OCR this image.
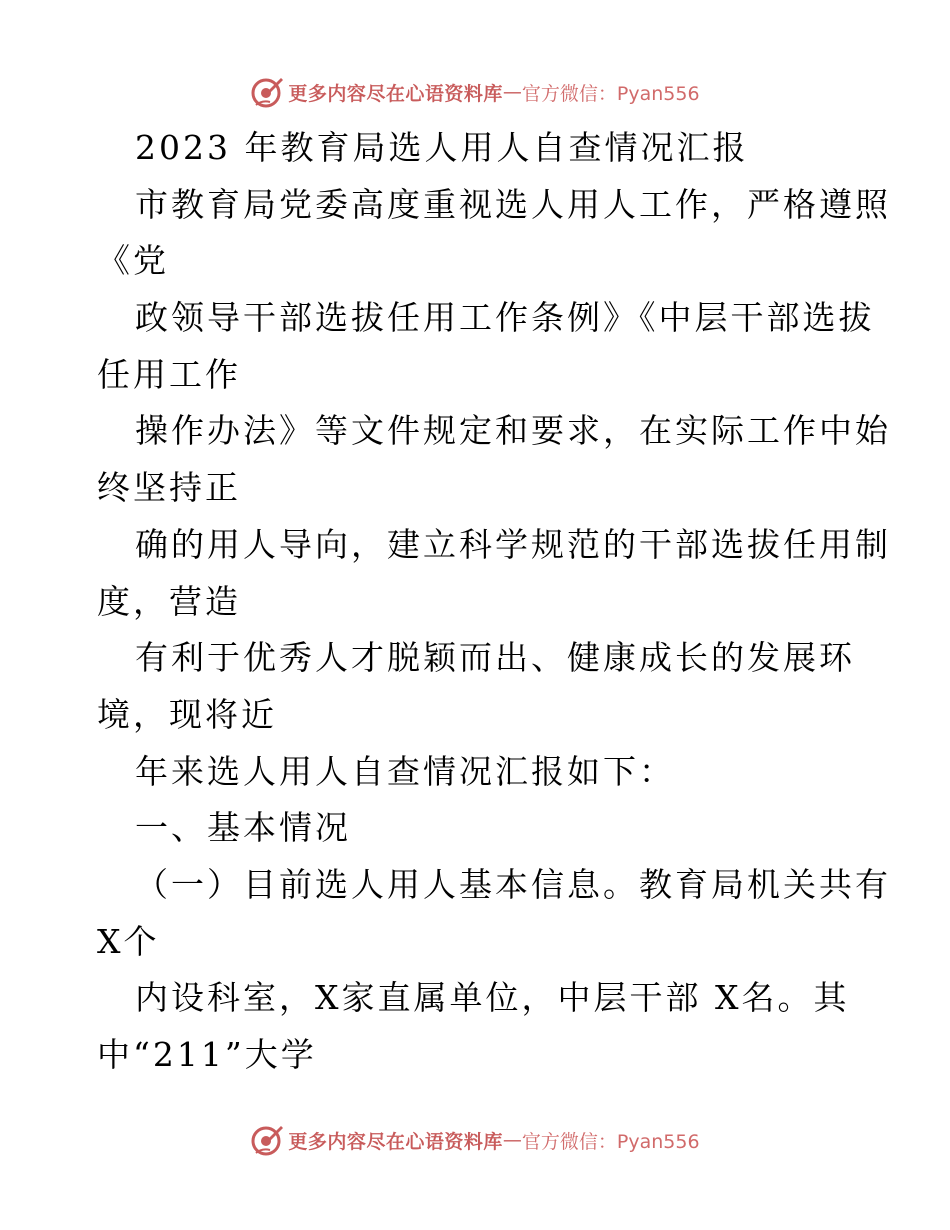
更多内容尽在心语资料库 — 官方微信：Pyan556
2023 年教育局选人用人自查情况汇报
市教育局党委高度重视选人用人工作，严格遵照
《党
政领导干部选拔任用工作条例》《中层干部选拔
任用工作
操作办法》等文件规定和要求，在实际工作中始
终坚持正
确的用人导向，建立科学规范的干部选拔任用制
度，营造
有利于优秀人才脱颖而出、健康成长的发展环
境，现将近
年来选人用人自查情况汇报如下：
一、基本情况
（一）目前选人用人基本信息。教育局机关共有
X个
内设科室，X家直属单位，中层干部 X名。其
中“211”大学
更多内容尽在心语资料库 — 官方微信：Pyan556
